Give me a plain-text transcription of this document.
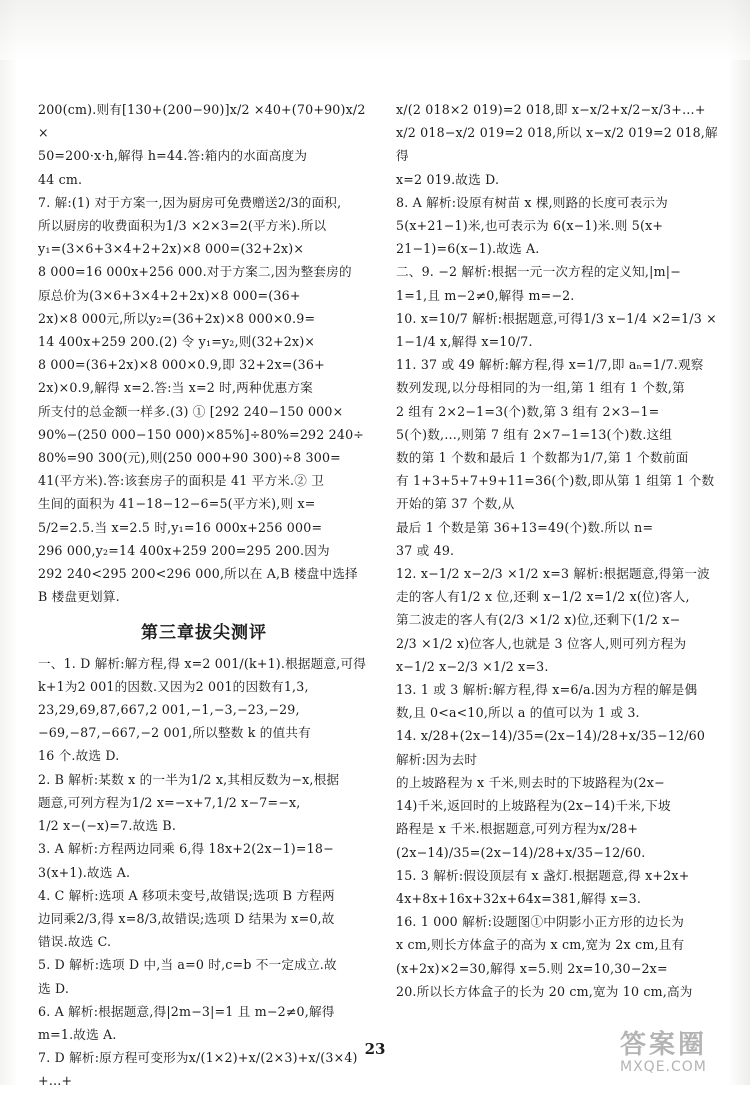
200(cm).则有[130+(200−90)]x/2 ×40+(70+90)x/2 ×
50=200·x·h,解得 h=44.答:箱内的水面高度为
44 cm.
7. 解:(1) 对于方案一,因为厨房可免费赠送2/3的面积,
所以厨房的收费面积为1/3 ×2×3=2(平方米).所以
y₁=(3×6+3×4+2+2x)×8 000=(32+2x)×
8 000=16 000x+256 000.对于方案二,因为整套房的
原总价为(3×6+3×4+2+2x)×8 000=(36+
2x)×8 000元,所以y₂=(36+2x)×8 000×0.9=
14 400x+259 200.(2) 令 y₁=y₂,则(32+2x)×
8 000=(36+2x)×8 000×0.9,即 32+2x=(36+
2x)×0.9,解得 x=2.答:当 x=2 时,两种优惠方案
所支付的总金额一样多.(3) ① [292 240−150 000×
90%−(250 000−150 000)×85%]÷80%=292 240÷
80%=90 300(元),则(250 000+90 300)÷8 300=
41(平方米).答:该套房子的面积是 41 平方米.② 卫
生间的面积为 41−18−12−6=5(平方米),则 x=
5/2=2.5.当 x=2.5 时,y₁=16 000x+256 000=
296 000,y₂=14 400x+259 200=295 200.因为
292 240<295 200<296 000,所以在 A,B 楼盘中选择
B 楼盘更划算.
第三章拔尖测评
一、1. D 解析:解方程,得 x=2 001/(k+1).根据题意,可得
k+1为2 001的因数.又因为2 001的因数有1,3,
23,29,69,87,667,2 001,−1,−3,−23,−29,
−69,−87,−667,−2 001,所以整数 k 的值共有
16 个.故选 D.
2. B 解析:某数 x 的一半为1/2 x,其相反数为−x,根据
题意,可列方程为1/2 x=−x+7,1/2 x−7=−x,
1/2 x−(−x)=7.故选 B.
3. A 解析:方程两边同乘 6,得 18x+2(2x−1)=18−
3(x+1).故选 A.
4. C 解析:选项 A 移项未变号,故错误;选项 B 方程两
边同乘2/3,得 x=8/3,故错误;选项 D 结果为 x=0,故
错误.故选 C.
5. D 解析:选项 D 中,当 a=0 时,c=b 不一定成立.故
选 D.
6. A 解析:根据题意,得|2m−3|=1 且 m−2≠0,解得
m=1.故选 A.
7. D 解析:原方程可变形为x/(1×2)+x/(2×3)+x/(3×4)+…+
x/(2 018×2 019)=2 018,即 x−x/2+x/2−x/3+…+
x/2 018−x/2 019=2 018,所以 x−x/2 019=2 018,解得
x=2 019.故选 D.
8. A 解析:设原有树苗 x 棵,则路的长度可表示为
5(x+21−1)米,也可表示为 6(x−1)米.则 5(x+
21−1)=6(x−1).故选 A.
二、9. −2 解析:根据一元一次方程的定义知,|m|−
1=1,且 m−2≠0,解得 m=−2.
10. x=10/7 解析:根据题意,可得1/3 x−1/4 ×2=1/3 ×
1−1/4 x,解得 x=10/7.
11. 37 或 49 解析:解方程,得 x=1/7,即 aₙ=1/7.观察
数列发现,以分母相同的为一组,第 1 组有 1 个数,第
2 组有 2×2−1=3(个)数,第 3 组有 2×3−1=
5(个)数,…,则第 7 组有 2×7−1=13(个)数.这组
数的第 1 个数和最后 1 个数都为1/7,第 1 个数前面
有 1+3+5+7+9+11=36(个)数,即从第 1 组第 1 个数开始的第 37 个数,从
最后 1 个数是第 36+13=49(个)数.所以 n=
37 或 49.
12. x−1/2 x−2/3 ×1/2 x=3 解析:根据题意,得第一波
走的客人有1/2 x 位,还剩 x−1/2 x=1/2 x(位)客人,
第二波走的客人有(2/3 ×1/2 x)位,还剩下(1/2 x−
2/3 ×1/2 x)位客人,也就是 3 位客人,则可列方程为
x−1/2 x−2/3 ×1/2 x=3.
13. 1 或 3 解析:解方程,得 x=6/a.因为方程的解是偶
数,且 0<a<10,所以 a 的值可以为 1 或 3.
14. x/28+(2x−14)/35=(2x−14)/28+x/35−12/60 解析:因为去时
的上坡路程为 x 千米,则去时的下坡路程为(2x−
14)千米,返回时的上坡路程为(2x−14)千米,下坡
路程是 x 千米.根据题意,可列方程为x/28+
(2x−14)/35=(2x−14)/28+x/35−12/60.
15. 3 解析:假设顶层有 x 盏灯.根据题意,得 x+2x+
4x+8x+16x+32x+64x=381,解得 x=3.
16. 1 000 解析:设题图①中阴影小正方形的边长为
x cm,则长方体盒子的高为 x cm,宽为 2x cm,且有
(x+2x)×2=30,解得 x=5.则 2x=10,30−2x=
20.所以长方体盒子的长为 20 cm,宽为 10 cm,高为
23	答案圈
MXQE.COM
